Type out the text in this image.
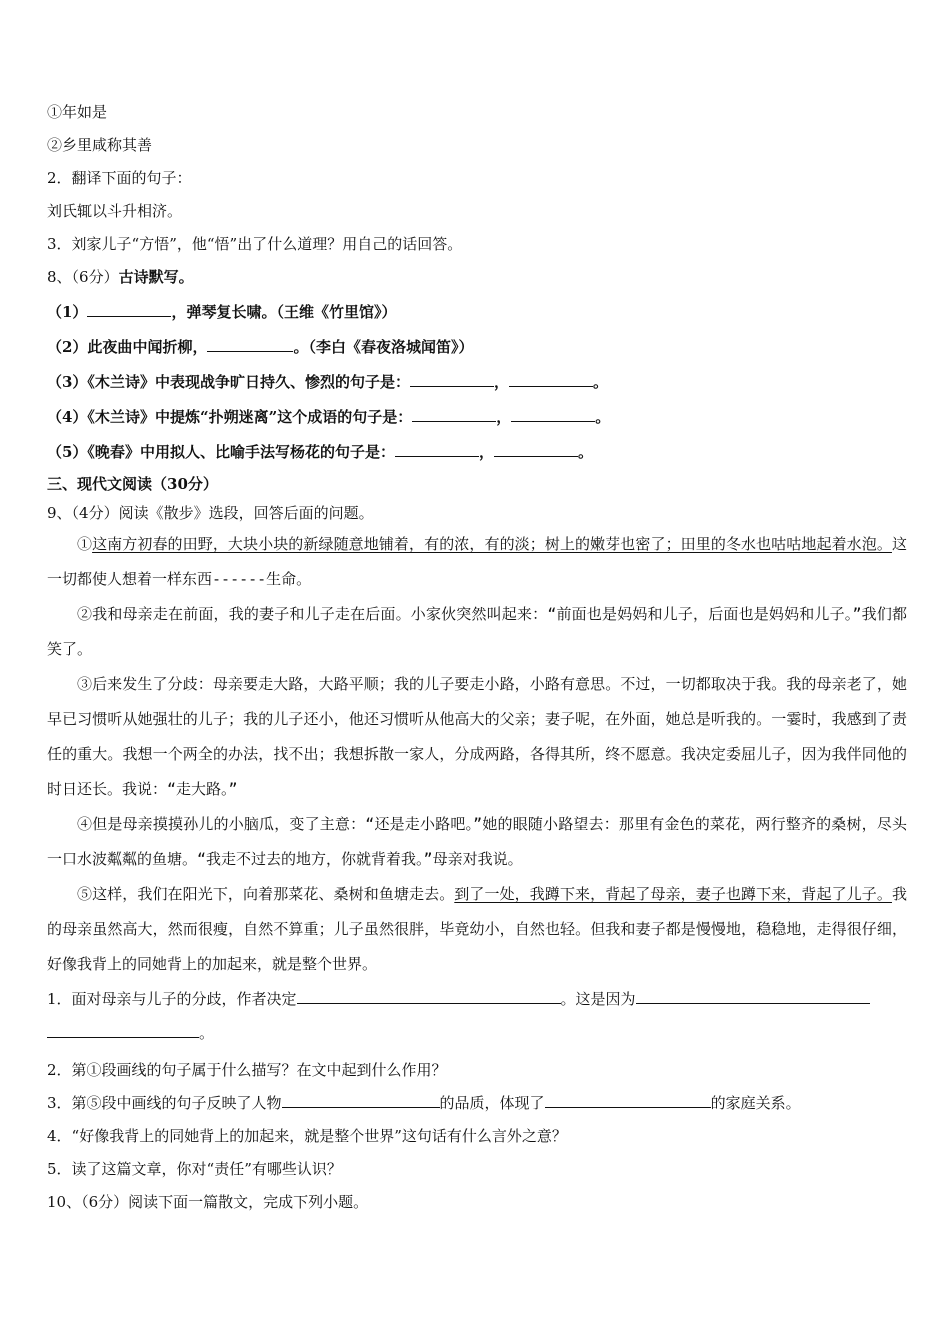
①年如是
②乡里咸称其善
2．翻译下面的句子：
刘氏辄以斗升相济。
3．刘家儿子“方悟”，他“悟”出了什么道理？用自己的话回答。
8、（6分）古诗默写。
（1）	，弹琴复长啸。（王维《竹里馆》）
（2）此夜曲中闻折柳，	。（李白《春夜洛城闻笛》）
（3）《木兰诗》中表现战争旷日持久、惨烈的句子是：	，	。
（4）《木兰诗》中提炼“扑朔迷离”这个成语的句子是：	，	。
（5）《晚春》中用拟人、比喻手法写杨花的句子是：	，	。
三、现代文阅读（30分）
9、（4分）阅读《散步》选段，回答后面的问题。
①这南方初春的田野，大块小块的新绿随意地铺着，有的浓，有的淡；树上的嫩芽也密了；田里的冬水也咕咕地起着水泡。这一切都使人想着一样东西------生命。
②我和母亲走在前面，我的妻子和儿子走在后面。小家伙突然叫起来：“前面也是妈妈和儿子，后面也是妈妈和儿子。”我们都笑了。
③后来发生了分歧：母亲要走大路，大路平顺；我的儿子要走小路，小路有意思。不过，一切都取决于我。我的母亲老了，她早已习惯听从她强壮的儿子；我的儿子还小，他还习惯听从他高大的父亲；妻子呢，在外面，她总是听我的。一霎时，我感到了责任的重大。我想一个两全的办法，找不出；我想拆散一家人，分成两路，各得其所，终不愿意。我决定委屈儿子，因为我伴同他的时日还长。我说：“走大路。”
④但是母亲摸摸孙儿的小脑瓜，变了主意：“还是走小路吧。”她的眼随小路望去：那里有金色的菜花，两行整齐的桑树，尽头一口水波粼粼的鱼塘。“我走不过去的地方，你就背着我。”母亲对我说。
⑤这样，我们在阳光下，向着那菜花、桑树和鱼塘走去。到了一处，我蹲下来，背起了母亲，妻子也蹲下来，背起了儿子。我的母亲虽然高大，然而很瘦，自然不算重；儿子虽然很胖，毕竟幼小，自然也轻。但我和妻子都是慢慢地，稳稳地，走得很仔细，好像我背上的同她背上的加起来，就是整个世界。
1．面对母亲与儿子的分歧，作者决定	。这是因为
。
2．第①段画线的句子属于什么描写？在文中起到什么作用？
3．第⑤段中画线的句子反映了人物	的品质，体现了	的家庭关系。
4．“好像我背上的同她背上的加起来，就是整个世界”这句话有什么言外之意？
5．读了这篇文章，你对“责任”有哪些认识？
10、（6分）阅读下面一篇散文，完成下列小题。
